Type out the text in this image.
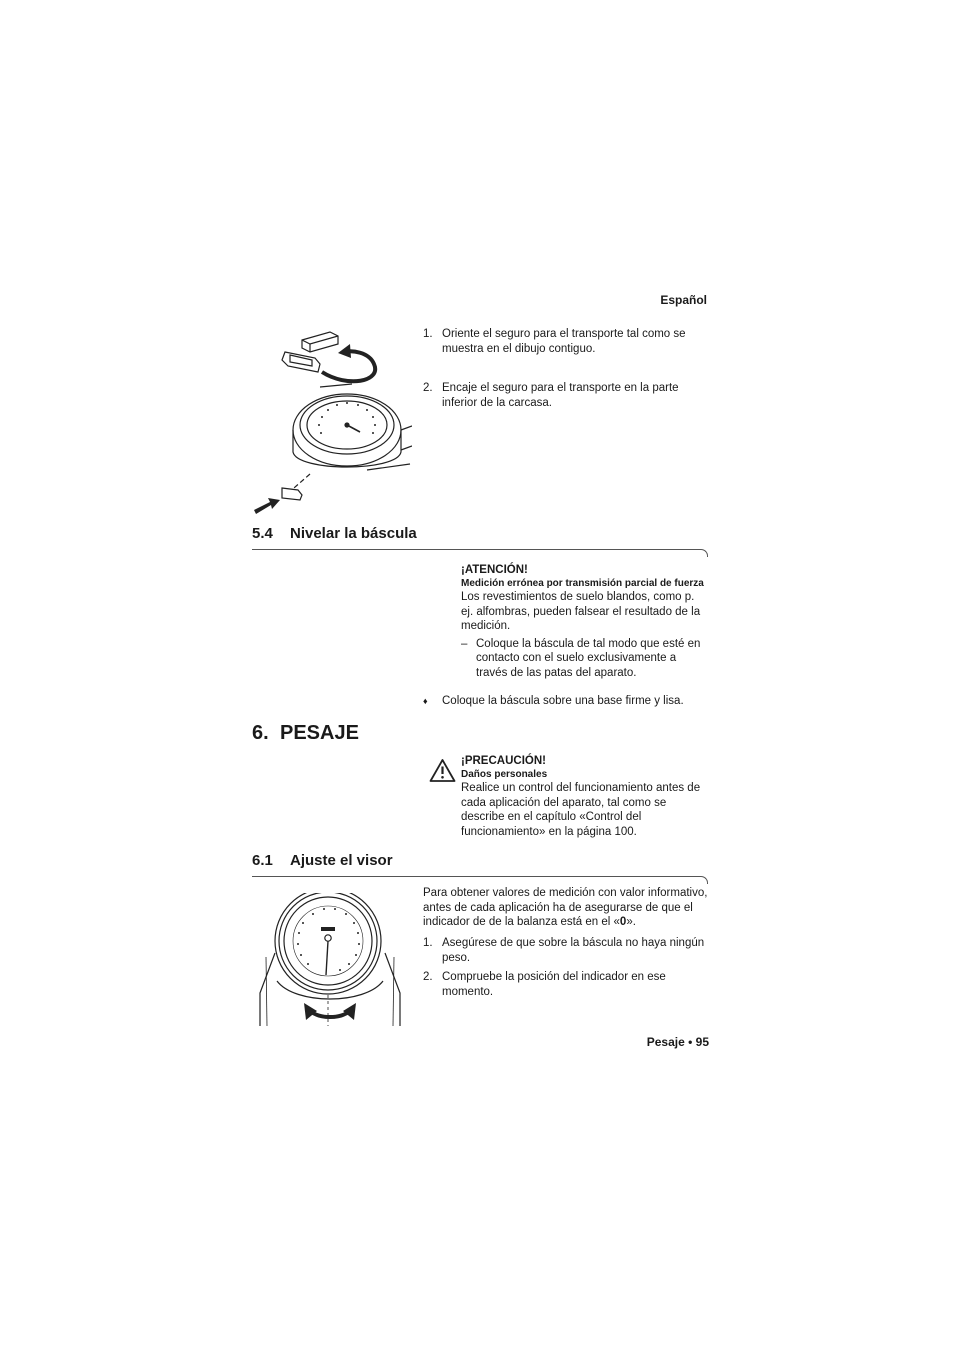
Español
1. Oriente el seguro para el transporte tal como se muestra en el dibujo contiguo.
2. Encaje el seguro para el transporte en la parte inferior de la carcasa.
5.4 Nivelar la báscula
¡ATENCIÓN!
Medición errónea por transmisión parcial de fuerza
Los revestimientos de suelo blandos, como p. ej. alfombras, pueden falsear el resultado de la medición.
– Coloque la báscula de tal modo que esté en contacto con el suelo exclusivamente a través de las patas del aparato.
♦ Coloque la báscula sobre una base firme y lisa.
6. PESAJE
¡PRECAUCIÓN!
Daños personales
Realice un control del funcionamiento antes de cada aplicación del aparato, tal como se describe en el capítulo «Control del funcionamiento» en la página 100.
6.1 Ajuste el visor
Para obtener valores de medición con valor informativo, antes de cada aplicación ha de asegurarse de que el indicador de de la balanza está en el «0».
1. Asegúrese de que sobre la báscula no haya ningún peso.
2. Compruebe la posición del indicador en ese momento.
Pesaje • 95
